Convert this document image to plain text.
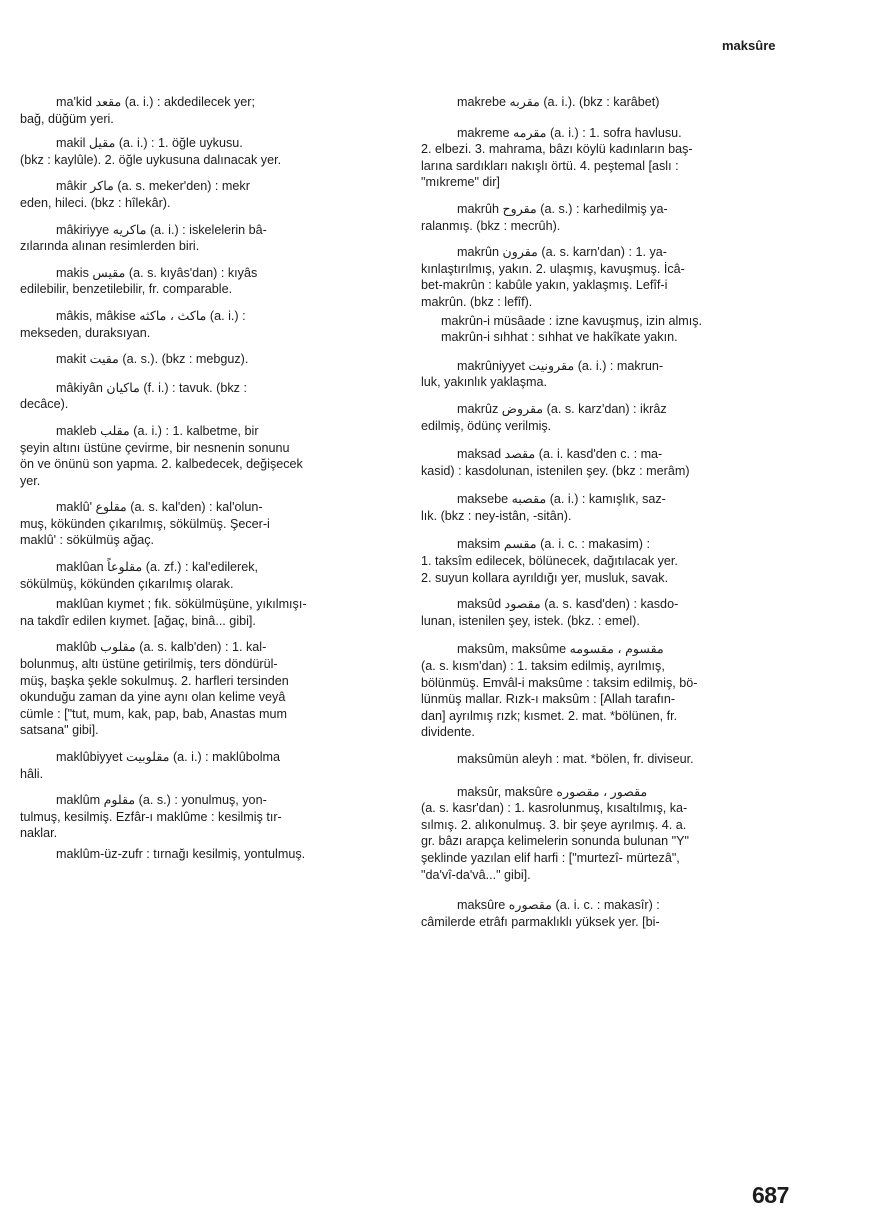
maksûre

ma'kid مقعد (a. i.) : akdedilecek yer;

bağ, düğüm yeri.

makil مقيل (a. i.) : 1. öğle uykusu.

(bkz : kaylûle). 2. öğle uykusuna dalınacak yer.

mâkir ماكر (a. s. meker'den) : mekr

eden, hileci. (bkz : hîlekâr).

mâkiriyye ماكريه (a. i.) : iskelelerin bâ-

zılarında alınan resimlerden biri.

makis مقيس (a. s. kıyâs'dan) : kıyâs

edilebilir, benzetilebilir, fr. comparable.

mâkis, mâkise ماكث ، ماكثه (a. i.) :

mekseden, duraksıyan.

makit مقيت (a. s.). (bkz : mebguz).

mâkiyân ماكيان (f. i.) : tavuk. (bkz :

decâce).

makleb مقلب (a. i.) : 1. kalbetme, bir

şeyin altını üstüne çevirme, bir nesnenin sonunu

ön ve önünü son yapma. 2. kalbedecek, değişecek

yer.

maklû' مقلوع (a. s. kal'den) : kal'olun-

muş, kökünden çıkarılmış, sökülmüş. Şecer-i

maklû' : sökülmüş ağaç.

maklûan مقلوعاً (a. zf.) : kal'edilerek,

sökülmüş, kökünden çıkarılmış olarak.

maklûan kıymet ; fık. sökülmüşüne, yıkılmışı-

na takdîr edilen kıymet. [ağaç, binâ... gibi].

maklûb مقلوب (a. s. kalb'den) : 1. kal-

bolunmuş, altı üstüne getirilmiş, ters döndürül-

müş, başka şekle sokulmuş. 2. harfleri tersinden

okunduğu zaman da yine aynı olan kelime veyâ

cümle : ["tut, mum, kak, pap, bab, Anastas mum

satsana" gibi].

maklûbiyyet مقلوبيت (a. i.) : maklûbolma

hâli.

maklûm مقلوم (a. s.) : yonulmuş, yon-

tulmuş, kesilmiş. Ezfâr-ı maklûme : kesilmiş tır-

naklar.

maklûm-üz-zufr : tırnağı kesilmiş, yontulmuş.

makrebe مقربه (a. i.). (bkz : karâbet)

makreme مقرمه (a. i.) : 1. sofra havlusu.

2. elbezi. 3. mahrama, bâzı köylü kadınların baş-

larına sardıkları nakışlı örtü. 4. peştemal [aslı :

"mıkreme" dir]

makrûh مقروح (a. s.) : karhedilmiş ya-

ralanmış. (bkz : mecrûh).

makrûn مقرون (a. s. karn'dan) : 1. ya-

kınlaştırılmış, yakın. 2. ulaşmış, kavuşmuş. İcâ-

bet-makrûn : kabûle yakın, yaklaşmış. Lefîf-i

makrûn. (bkz : lefîf).

makrûn-i müsâade : izne kavuşmuş, izin almış.

makrûn-i sıhhat : sıhhat ve hakîkate yakın.

makrûniyyet مقرونيت (a. i.) : makrun-

luk, yakınlık yaklaşma.

makrûz مقروض (a. s. karz'dan) : ikrâz

edilmiş, ödünç verilmiş.

maksad مقصد (a. i. kasd'den c. : ma-

kasid) : kasdolunan, istenilen şey. (bkz : merâm)

maksebe مقصبه (a. i.) : kamışlık, saz-

lık. (bkz : ney-istân, -sitân).

maksim مقسم (a. i. c. : makasim) :

1. taksîm edilecek, bölünecek, dağıtılacak yer.

2. suyun kollara ayrıldığı yer, musluk, savak.

maksûd مقصود (a. s. kasd'den) : kasdo-

lunan, istenilen şey, istek. (bkz. : emel).

maksûm, maksûme مقسوم ، مقسومه

(a. s. kısm'dan) : 1. taksim edilmiş, ayrılmış,

bölünmüş. Emvâl-i maksûme : taksim edilmiş, bö-

lünmüş mallar. Rızk-ı maksûm : [Allah tarafın-

dan] ayrılmış rızk; kısmet. 2. mat. *bölünen, fr.

dividente.

maksûmün aleyh : mat. *bölen, fr. diviseur.

maksûr, maksûre مقصور ، مقصوره

(a. s. kasr'dan) : 1. kasrolunmuş, kısaltılmış, ka-

sılmış. 2. alıkonulmuş. 3. bir şeye ayrılmış. 4. a.

gr. bâzı arapça kelimelerin sonunda bulunan "Y"

şeklinde yazılan elif harfi : ["murtezî- mürtezâ",

"da'vî-da'vâ..." gibi].

maksûre مقصوره (a. i. c. : makasîr) :

câmilerde etrâfı parmaklıklı yüksek yer. [bi-

687
